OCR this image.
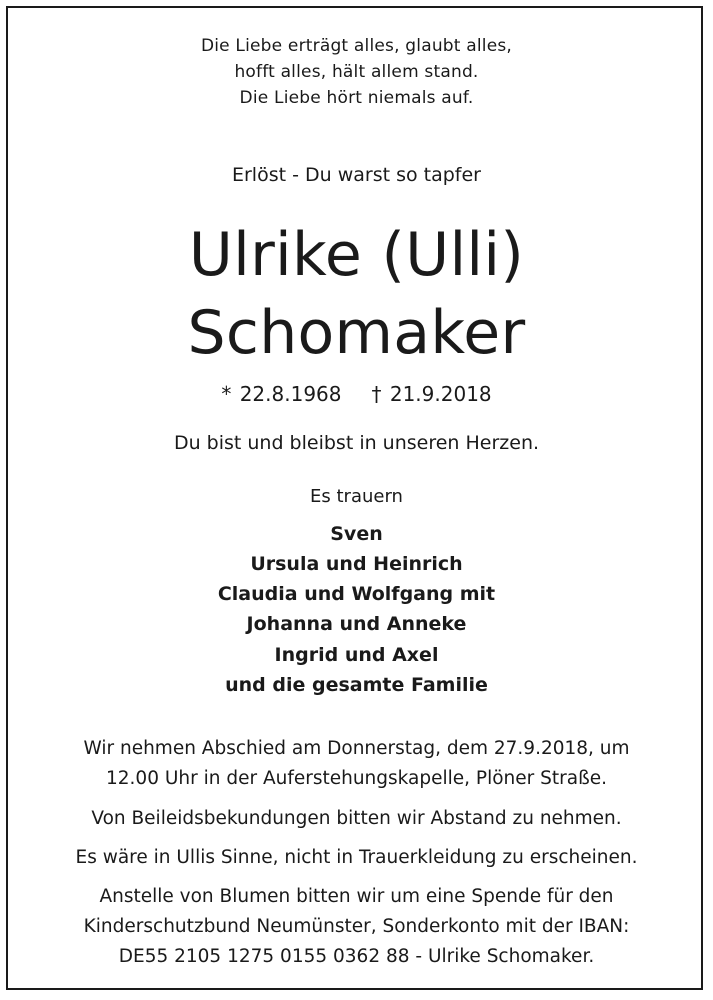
Die Liebe erträgt alles, glaubt alles,
hofft alles, hält allem stand.
Die Liebe hört niemals auf.
Erlöst - Du warst so tapfer
Ulrike (Ulli)
Schomaker
* 22.8.1968 † 21.9.2018
Du bist und bleibst in unseren Herzen.
Es trauern
Sven
Ursula und Heinrich
Claudia und Wolfgang mit
Johanna und Anneke
Ingrid und Axel
und die gesamte Familie
Wir nehmen Abschied am Donnerstag, dem 27.9.2018, um
12.00 Uhr in der Auferstehungskapelle, Plöner Straße.
Von Beileidsbekundungen bitten wir Abstand zu nehmen.
Es wäre in Ullis Sinne, nicht in Trauerkleidung zu erscheinen.
Anstelle von Blumen bitten wir um eine Spende für den
Kinderschutzbund Neumünster, Sonderkonto mit der IBAN:
DE55 2105 1275 0155 0362 88 - Ulrike Schomaker.
